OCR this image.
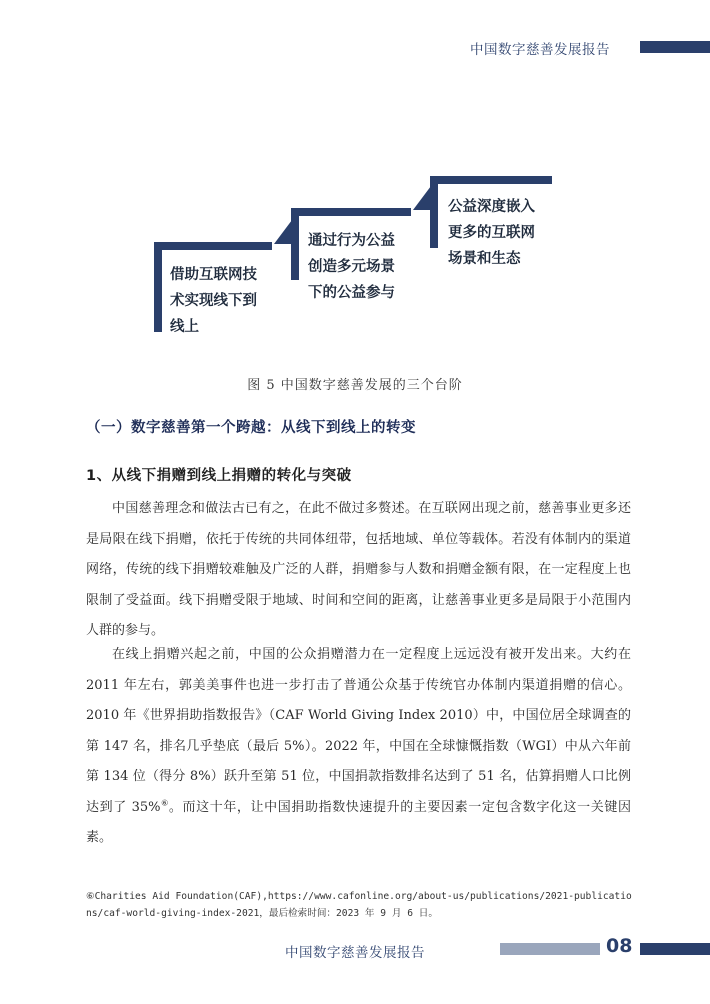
中国数字慈善发展报告
借助互联网技
术实现线下到
线上
通过行为公益
创造多元场景
下的公益参与
公益深度嵌入
更多的互联网
场景和生态
图 5 中国数字慈善发展的三个台阶
（一）数字慈善第一个跨越：从线下到线上的转变
1、从线下捐赠到线上捐赠的转化与突破

中国慈善理念和做法古已有之，在此不做过多赘述。在互联网出现之前，慈善事业更多还是局限在线下捐赠，依托于传统的共同体纽带，包括地域、单位等载体。若没有体制内的渠道网络，传统的线下捐赠较难触及广泛的人群，捐赠参与人数和捐赠金额有限，在一定程度上也限制了受益面。线下捐赠受限于地域、时间和空间的距离，让慈善事业更多是局限于小范围内人群的参与。

在线上捐赠兴起之前，中国的公众捐赠潜力在一定程度上远远没有被开发出来。大约在 2011 年左右，郭美美事件也进一步打击了普通公众基于传统官办体制内渠道捐赠的信心。2010 年《世界捐助指数报告》（CAF World Giving Index 2010）中，中国位居全球调查的第 147 名，排名几乎垫底（最后 5%）。2022 年，中国在全球慷慨指数（WGI）中从六年前第 134 位（得分 8%）跃升至第 51 位，中国捐款指数排名达到了 51 名，估算捐赠人口比例达到了 35%⑥。而这十年，让中国捐助指数快速提升的主要因素一定包含数字化这一关键因素。

⑥Charities Aid Foundation(CAF),https://www.cafonline.org/about-us/publications/2021-publications/caf-world-giving-index-2021，最后检索时间：2023 年 9 月 6 日。

中国数字慈善发展报告	08
